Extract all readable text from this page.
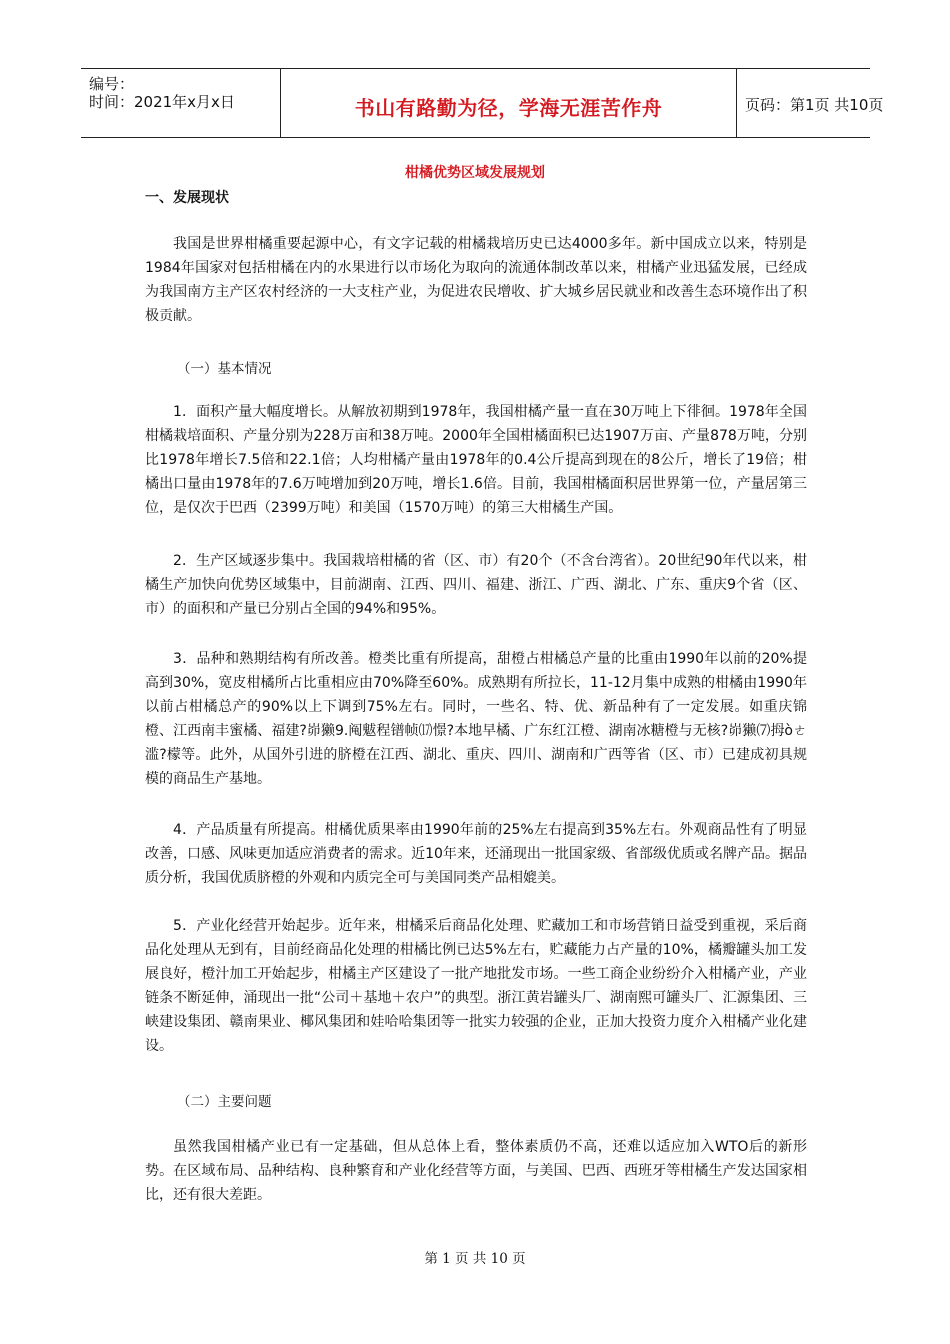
编号：
时间：2021年x月x日	书山有路勤为径，学海无涯苦作舟	页码：第1页 共10页
柑橘优势区域发展规划
一、发展现状

我国是世界柑橘重要起源中心，有文字记载的柑橘栽培历史已达4000多年。新中国成立以来，特别是1984年国家对包括柑橘在内的水果进行以市场化为取向的流通体制改革以来，柑橘产业迅猛发展，已经成为我国南方主产区农村经济的一大支柱产业，为促进农民增收、扩大城乡居民就业和改善生态环境作出了积极贡献。

（一）基本情况

1．面积产量大幅度增长。从解放初期到1978年，我国柑橘产量一直在30万吨上下徘徊。1978年全国柑橘栽培面积、产量分别为228万亩和38万吨。2000年全国柑橘面积已达1907万亩、产量878万吨，分别比1978年增长7.5倍和22.1倍；人均柑橘产量由1978年的0.4公斤提高到现在的8公斤，增长了19倍；柑橘出口量由1978年的7.6万吨增加到20万吨，增长1.6倍。目前，我国柑橘面积居世界第一位，产量居第三位，是仅次于巴西（2399万吨）和美国（1570万吨）的第三大柑橘生产国。

2．生产区域逐步集中。我国栽培柑橘的省（区、市）有20个（不含台湾省）。20世纪90年代以来，柑橘生产加快向优势区域集中，目前湖南、江西、四川、福建、浙江、广西、湖北、广东、重庆9个省（区、市）的面积和产量已分别占全国的94%和95%。

3．品种和熟期结构有所改善。橙类比重有所提高，甜橙占柑橘总产量的比重由1990年以前的20%提高到30%，宽皮柑橘所占比重相应由70%降至60%。成熟期有所拉长，11-12月集中成熟的柑橘由1990年以前占柑橘总产的90%以上下调到75%左右。同时，一些名、特、优、新品种有了一定发展。如重庆锦橙、江西南丰蜜橘、福建?峁獭9.阄魃程镨帧⒄憬?本地早橘、广东红江橙、湖南冰糖橙与无核?峁獭⑺拇òㄜ滥?檬等。此外，从国外引进的脐橙在江西、湖北、重庆、四川、湖南和广西等省（区、市）已建成初具规模的商品生产基地。

4．产品质量有所提高。柑橘优质果率由1990年前的25%左右提高到35%左右。外观商品性有了明显改善，口感、风味更加适应消费者的需求。近10年来，还涌现出一批国家级、省部级优质或名牌产品。据品质分析，我国优质脐橙的外观和内质完全可与美国同类产品相媲美。

5．产业化经营开始起步。近年来，柑橘采后商品化处理、贮藏加工和市场营销日益受到重视，采后商品化处理从无到有，目前经商品化处理的柑橘比例已达5%左右，贮藏能力占产量的10%，橘瓣罐头加工发展良好，橙汁加工开始起步，柑橘主产区建设了一批产地批发市场。一些工商企业纷纷介入柑橘产业，产业链条不断延伸，涌现出一批“公司＋基地＋农户”的典型。浙江黄岩罐头厂、湖南熙可罐头厂、汇源集团、三峡建设集团、赣南果业、椰风集团和娃哈哈集团等一批实力较强的企业，正加大投资力度介入柑橘产业化建设。

（二）主要问题

虽然我国柑橘产业已有一定基础，但从总体上看，整体素质仍不高，还难以适应加入WTO后的新形势。在区域布局、品种结构、良种繁育和产业化经营等方面，与美国、巴西、西班牙等柑橘生产发达国家相比，还有很大差距。

第 1 页 共 10 页
